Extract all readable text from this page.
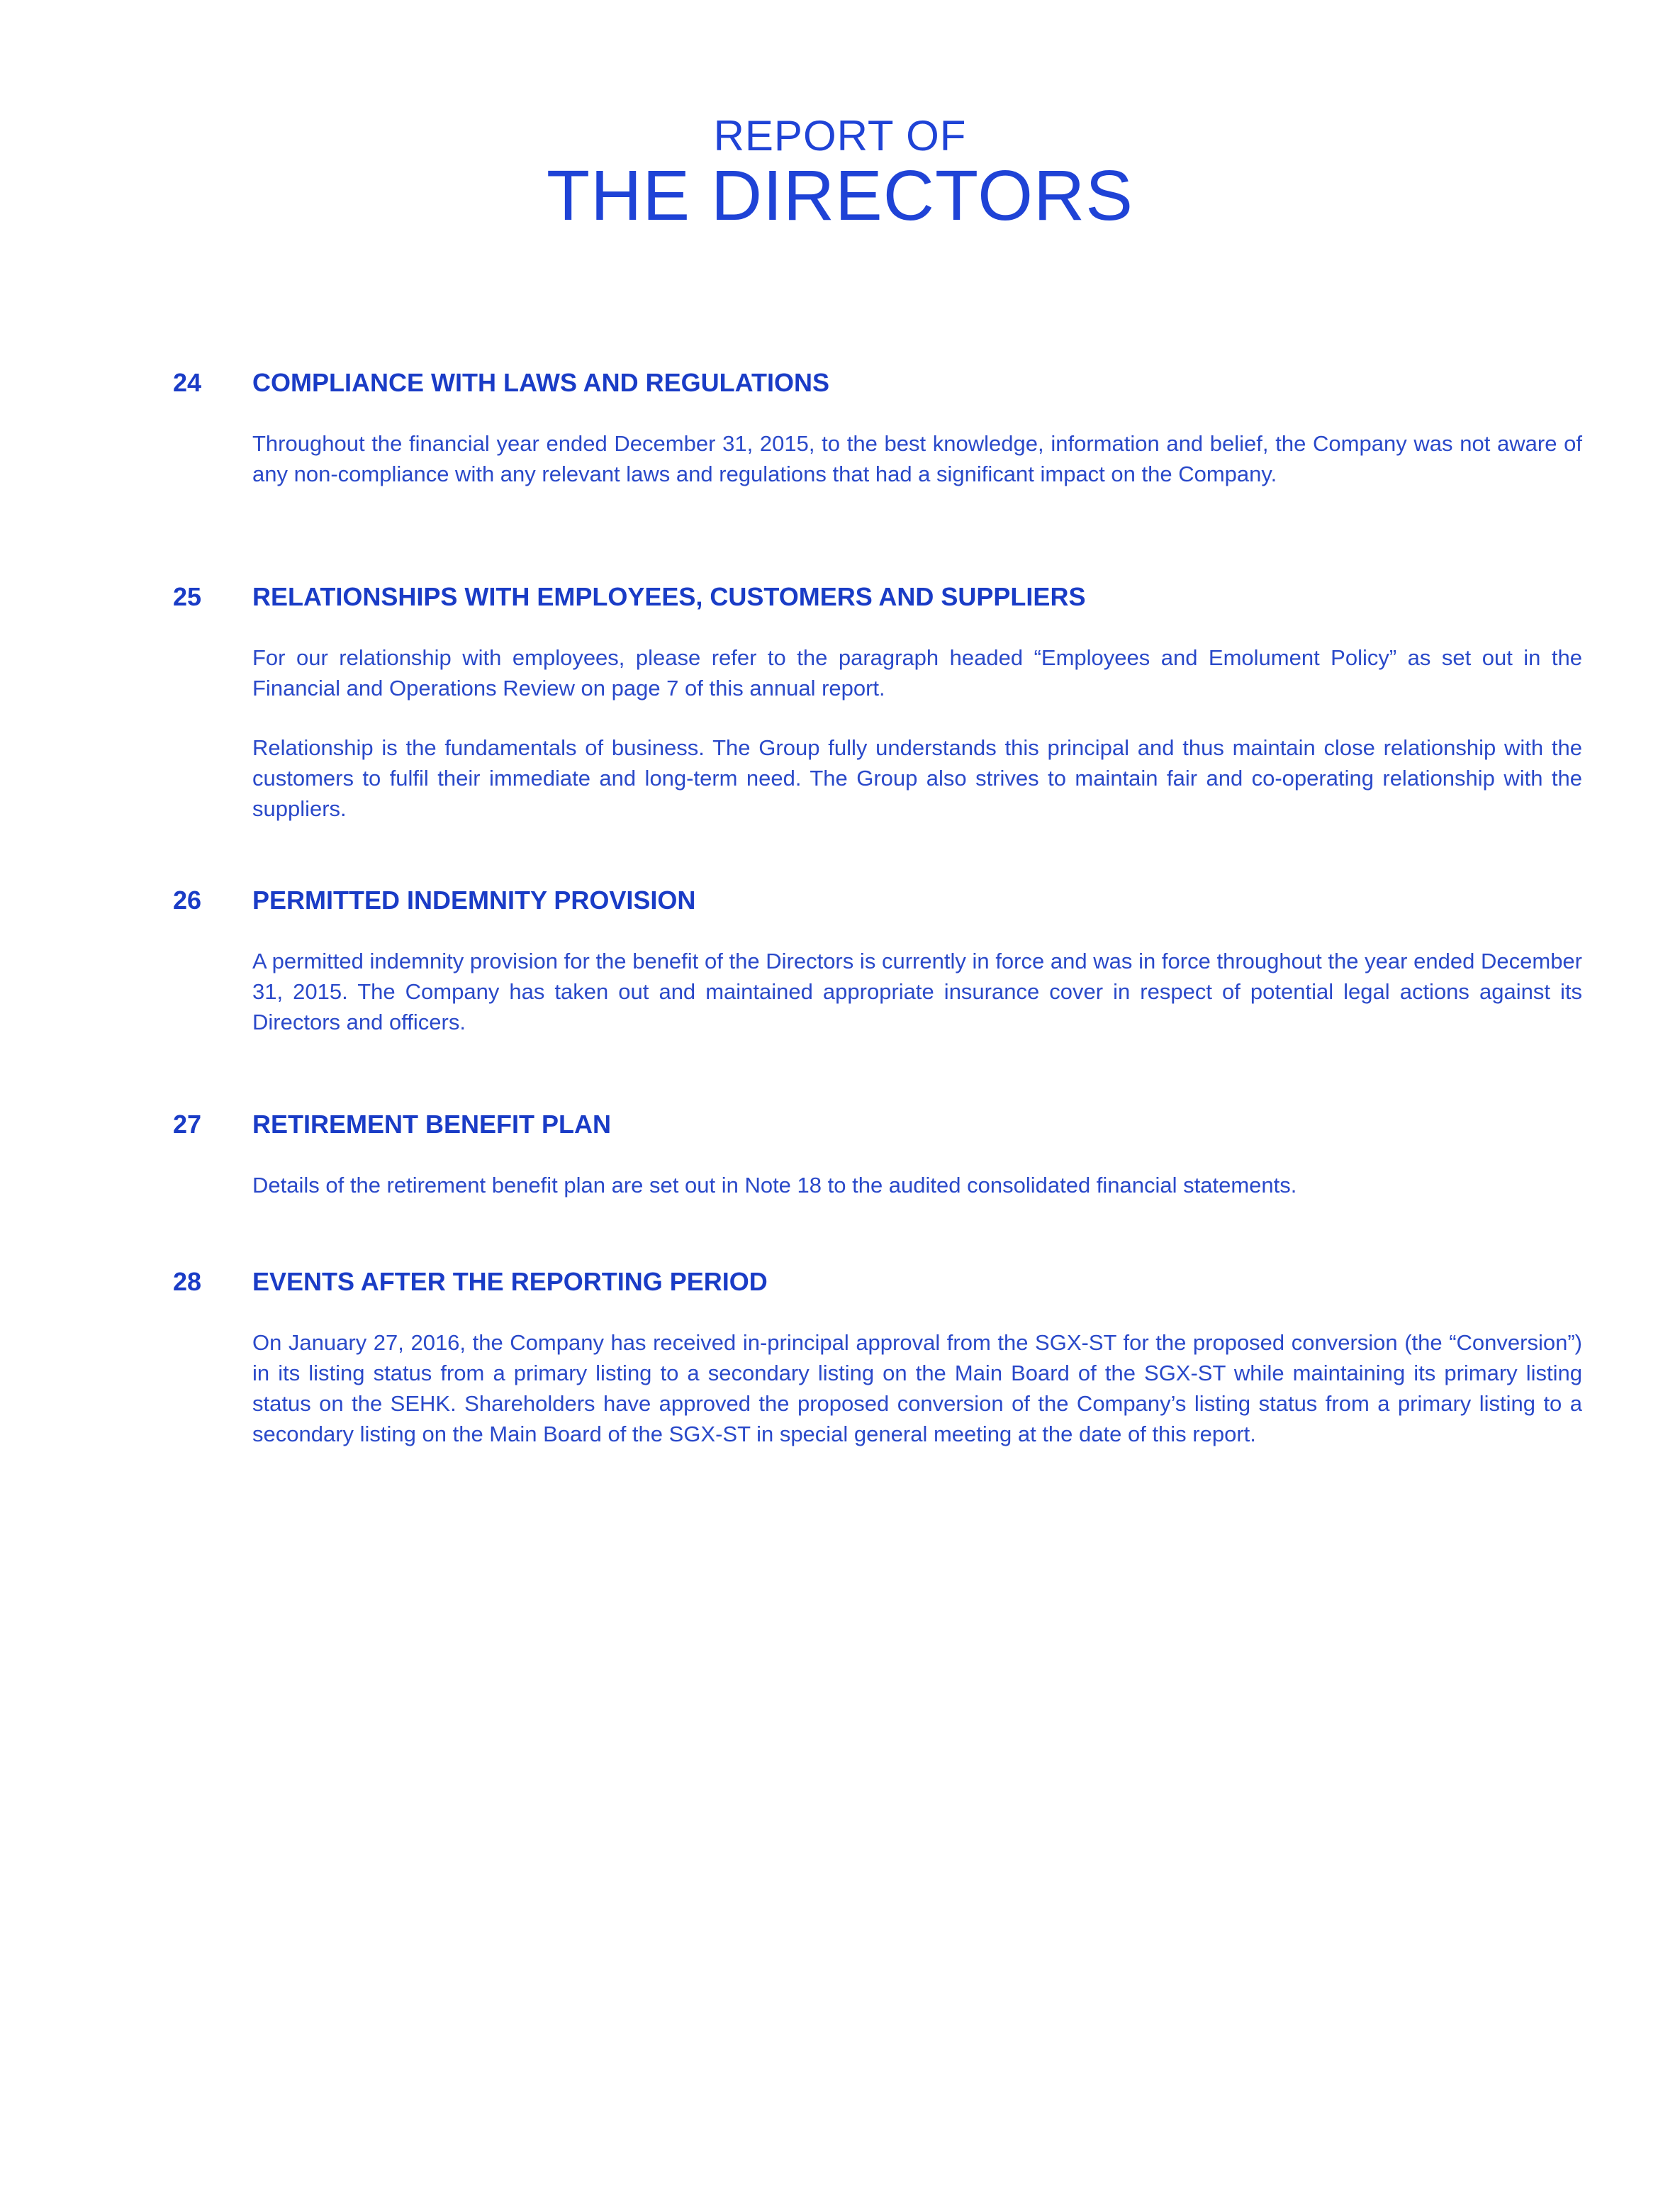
REPORT OF
THE DIRECTORS
24 COMPLIANCE WITH LAWS AND REGULATIONS

Throughout the financial year ended December 31, 2015, to the best knowledge, information and belief, the Company was not aware of any non-compliance with any relevant laws and regulations that had a significant impact on the Company.

25 RELATIONSHIPS WITH EMPLOYEES, CUSTOMERS AND SUPPLIERS

For our relationship with employees, please refer to the paragraph headed “Employees and Emolument Policy” as set out in the Financial and Operations Review on page 7 of this annual report.

Relationship is the fundamentals of business. The Group fully understands this principal and thus maintain close relationship with the customers to fulfil their immediate and long-term need. The Group also strives to maintain fair and co-operating relationship with the suppliers.

26 PERMITTED INDEMNITY PROVISION

A permitted indemnity provision for the benefit of the Directors is currently in force and was in force throughout the year ended December 31, 2015. The Company has taken out and maintained appropriate insurance cover in respect of potential legal actions against its Directors and officers.

27 RETIREMENT BENEFIT PLAN

Details of the retirement benefit plan are set out in Note 18 to the audited consolidated financial statements.

28 EVENTS AFTER THE REPORTING PERIOD

On January 27, 2016, the Company has received in-principal approval from the SGX-ST for the proposed conversion (the “Conversion”) in its listing status from a primary listing to a secondary listing on the Main Board of the SGX-ST while maintaining its primary listing status on the SEHK. Shareholders have approved the proposed conversion of the Company’s listing status from a primary listing to a secondary listing on the Main Board of the SGX-ST in special general meeting at the date of this report.
